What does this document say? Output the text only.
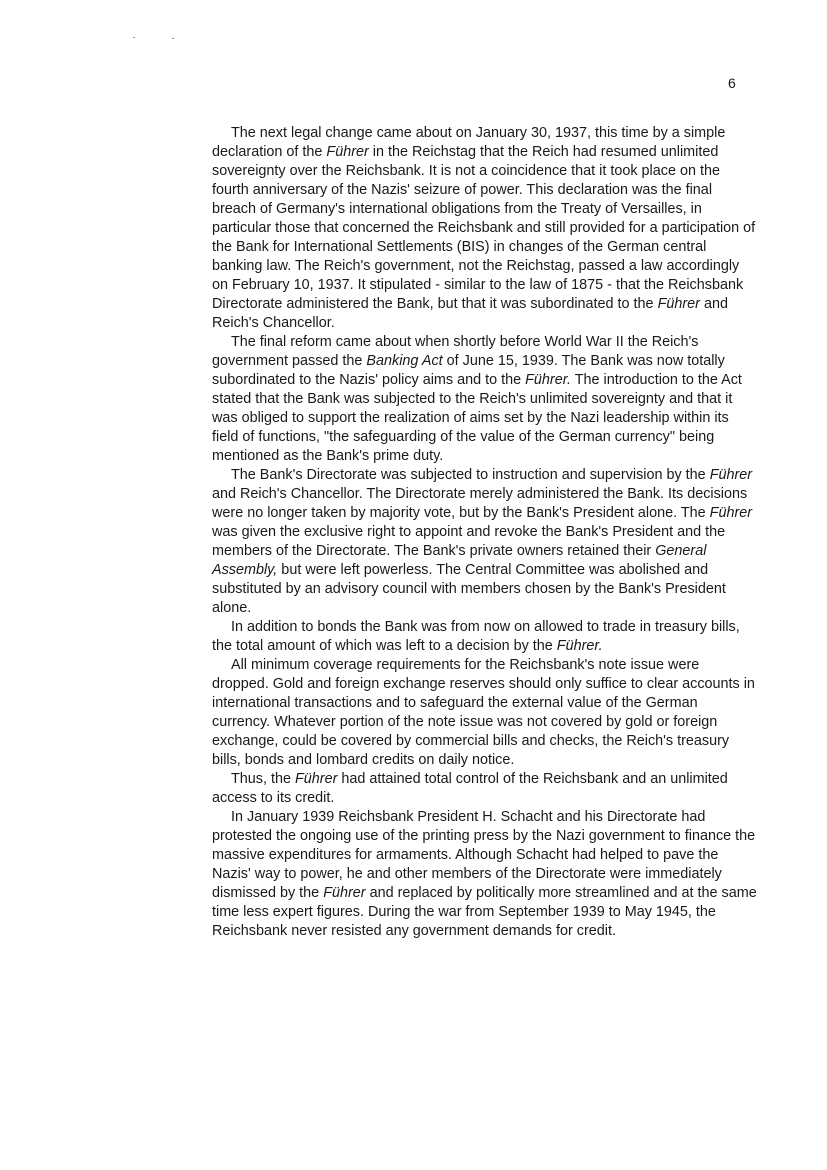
6

The next legal change came about on January 30, 1937, this time by a simple declaration of the Führer in the Reichstag that the Reich had resumed unlimited sovereignty over the Reichsbank. It is not a coincidence that it took place on the fourth anniversary of the Nazis' seizure of power. This declaration was the final breach of Germany's international obligations from the Treaty of Versailles, in particular those that concerned the Reichsbank and still provided for a participation of the Bank for International Settlements (BIS) in changes of the German central banking law. The Reich's government, not the Reichstag, passed a law accordingly on February 10, 1937. It stipulated - similar to the law of 1875 - that the Reichsbank Directorate administered the Bank, but that it was subordinated to the Führer and Reich's Chancellor.

The final reform came about when shortly before World War II the Reich's government passed the Banking Act of June 15, 1939. The Bank was now totally subordinated to the Nazis' policy aims and to the Führer. The introduction to the Act stated that the Bank was subjected to the Reich's unlimited sovereignty and that it was obliged to support the realization of aims set by the Nazi leadership within its field of functions, "the safeguarding of the value of the German currency" being mentioned as the Bank's prime duty.

The Bank's Directorate was subjected to instruction and supervision by the Führer and Reich's Chancellor. The Directorate merely administered the Bank. Its decisions were no longer taken by majority vote, but by the Bank's President alone. The Führer was given the exclusive right to appoint and revoke the Bank's President and the members of the Directorate. The Bank's private owners retained their General Assembly, but were left powerless. The Central Committee was abolished and substituted by an advisory council with members chosen by the Bank's President alone.

In addition to bonds the Bank was from now on allowed to trade in treasury bills, the total amount of which was left to a decision by the Führer.

All minimum coverage requirements for the Reichsbank's note issue were dropped. Gold and foreign exchange reserves should only suffice to clear accounts in international transactions and to safeguard the external value of the German currency. Whatever portion of the note issue was not covered by gold or foreign exchange, could be covered by commercial bills and checks, the Reich's treasury bills, bonds and lombard credits on daily notice.

Thus, the Führer had attained total control of the Reichsbank and an unlimited access to its credit.

In January 1939 Reichsbank President H. Schacht and his Directorate had protested the ongoing use of the printing press by the Nazi government to finance the massive expenditures for armaments. Although Schacht had helped to pave the Nazis' way to power, he and other members of the Directorate were immediately dismissed by the Führer and replaced by politically more streamlined and at the same time less expert figures. During the war from September 1939 to May 1945, the Reichsbank never resisted any government demands for credit.
